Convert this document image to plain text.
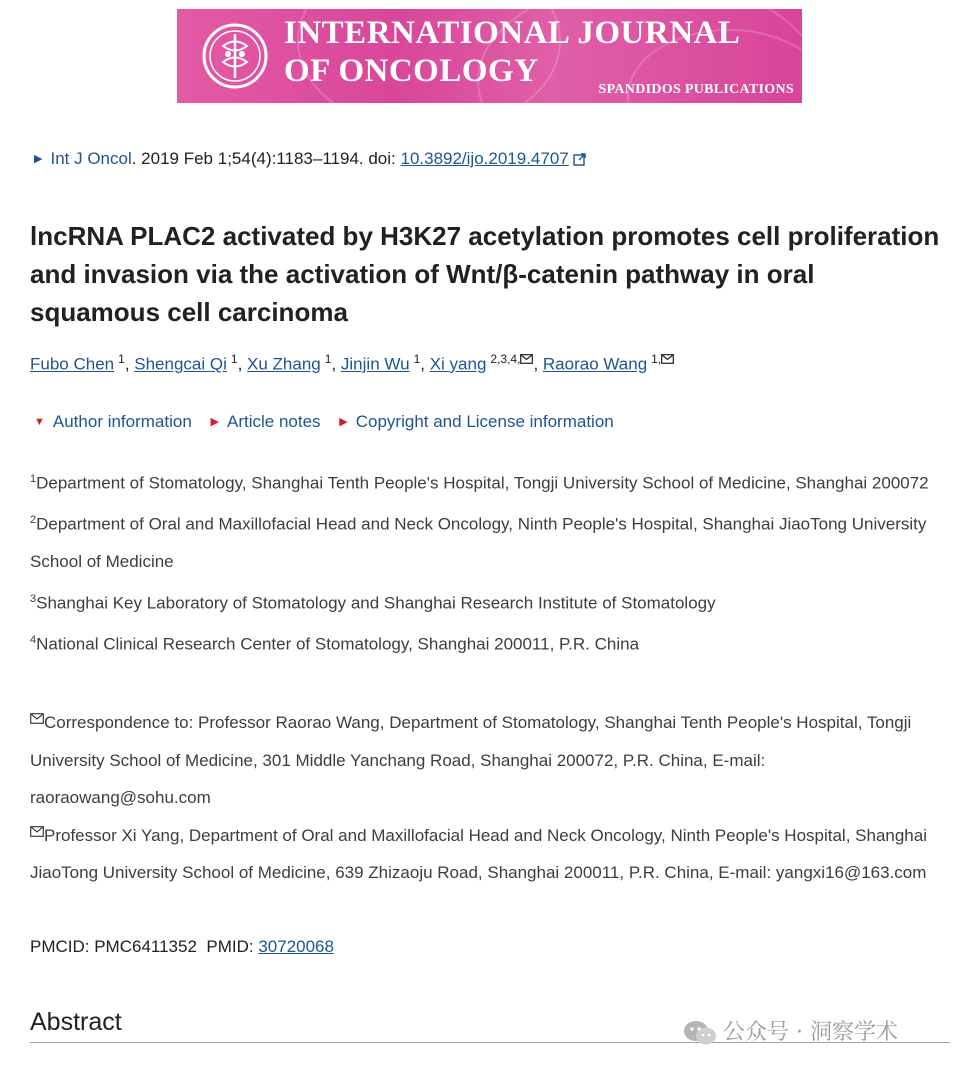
INTERNATIONAL JOURNAL
OF ONCOLOGY
SPANDIDOS PUBLICATIONS
▶ Int J Oncol. 2019 Feb 1;54(4):1183–1194. doi: 10.3892/ijo.2019.4707
lncRNA PLAC2 activated by H3K27 acetylation promotes cell proliferation and invasion via the activation of Wnt/β-catenin pathway in oral squamous cell carcinoma
Fubo Chen $^1$, Shengcai Qi $^1$, Xu Zhang $^1$, Jinjin Wu $^1$, Xi yang $^{2,3,4,}$ , Raorao Wang $^{1,}$
▼ Author information ▶ Article notes ▶ Copyright and License information

$^1$Department of Stomatology, Shanghai Tenth People's Hospital, Tongji University School of Medicine, Shanghai 200072

$^2$Department of Oral and Maxillofacial Head and Neck Oncology, Ninth People's Hospital, Shanghai JiaoTong University School of Medicine

$^3$Shanghai Key Laboratory of Stomatology and Shanghai Research Institute of Stomatology

$^4$National Clinical Research Center of Stomatology, Shanghai 200011, P.R. China

Correspondence to: Professor Raorao Wang, Department of Stomatology, Shanghai Tenth People's Hospital, Tongji University School of Medicine, 301 Middle Yanchang Road, Shanghai 200072, P.R. China, E-mail: raoraowang@sohu.com

Professor Xi Yang, Department of Oral and Maxillofacial Head and Neck Oncology, Ninth People's Hospital, Shanghai JiaoTong University School of Medicine, 639 Zhizaoju Road, Shanghai 200011, P.R. China, E-mail: yangxi16@163.com

PMCID: PMC6411352 PMID: 30720068
Abstract	公众号 · 洞察学术
